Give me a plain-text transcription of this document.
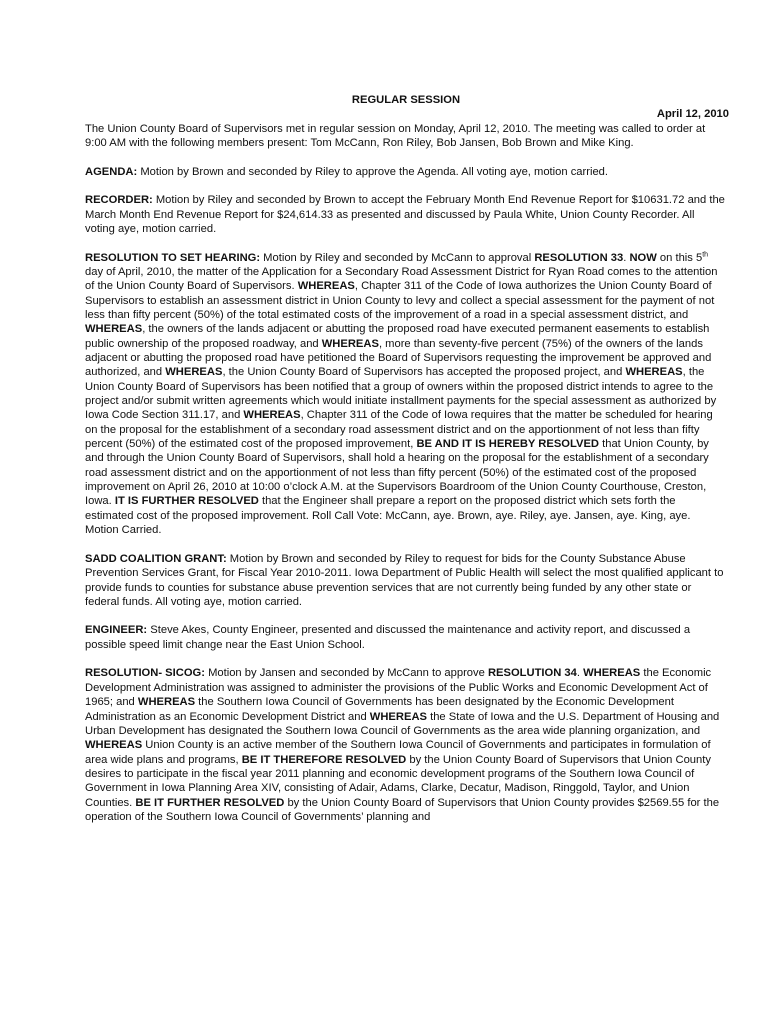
REGULAR SESSION
April 12, 2010

The Union County Board of Supervisors met in regular session on Monday, April 12, 2010. The meeting was called to order at 9:00 AM with the following members present: Tom McCann, Ron Riley, Bob Jansen, Bob Brown and Mike King.

AGENDA: Motion by Brown and seconded by Riley to approve the Agenda. All voting aye, motion carried.

RECORDER: Motion by Riley and seconded by Brown to accept the February Month End Revenue Report for $10631.72 and the March Month End Revenue Report for $24,614.33 as presented and discussed by Paula White, Union County Recorder. All voting aye, motion carried.

RESOLUTION TO SET HEARING: Motion by Riley and seconded by McCann to approval RESOLUTION 33. NOW on this 5th day of April, 2010, the matter of the Application for a Secondary Road Assessment District for Ryan Road comes to the attention of the Union County Board of Supervisors. WHEREAS, Chapter 311 of the Code of Iowa authorizes the Union County Board of Supervisors to establish an assessment district in Union County to levy and collect a special assessment for the payment of not less than fifty percent (50%) of the total estimated costs of the improvement of a road in a special assessment district, and WHEREAS, the owners of the lands adjacent or abutting the proposed road have executed permanent easements to establish public ownership of the proposed roadway, and WHEREAS, more than seventy-five percent (75%) of the owners of the lands adjacent or abutting the proposed road have petitioned the Board of Supervisors requesting the improvement be approved and authorized, and WHEREAS, the Union County Board of Supervisors has accepted the proposed project, and WHEREAS, the Union County Board of Supervisors has been notified that a group of owners within the proposed district intends to agree to the project and/or submit written agreements which would initiate installment payments for the special assessment as authorized by Iowa Code Section 311.17, and WHEREAS, Chapter 311 of the Code of Iowa requires that the matter be scheduled for hearing on the proposal for the establishment of a secondary road assessment district and on the apportionment of not less than fifty percent (50%) of the estimated cost of the proposed improvement, BE AND IT IS HEREBY RESOLVED that Union County, by and through the Union County Board of Supervisors, shall hold a hearing on the proposal for the establishment of a secondary road assessment district and on the apportionment of not less than fifty percent (50%) of the estimated cost of the proposed improvement on April 26, 2010 at 10:00 o’clock A.M. at the Supervisors Boardroom of the Union County Courthouse, Creston, Iowa. IT IS FURTHER RESOLVED that the Engineer shall prepare a report on the proposed district which sets forth the estimated cost of the proposed improvement. Roll Call Vote: McCann, aye. Brown, aye. Riley, aye. Jansen, aye. King, aye. Motion Carried.

SADD COALITION GRANT: Motion by Brown and seconded by Riley to request for bids for the County Substance Abuse Prevention Services Grant, for Fiscal Year 2010-2011. Iowa Department of Public Health will select the most qualified applicant to provide funds to counties for substance abuse prevention services that are not currently being funded by any other state or federal funds. All voting aye, motion carried.

ENGINEER: Steve Akes, County Engineer, presented and discussed the maintenance and activity report, and discussed a possible speed limit change near the East Union School.

RESOLUTION- SICOG: Motion by Jansen and seconded by McCann to approve RESOLUTION 34. WHEREAS the Economic Development Administration was assigned to administer the provisions of the Public Works and Economic Development Act of 1965; and WHEREAS the Southern Iowa Council of Governments has been designated by the Economic Development Administration as an Economic Development District and WHEREAS the State of Iowa and the U.S. Department of Housing and Urban Development has designated the Southern Iowa Council of Governments as the area wide planning organization, and WHEREAS Union County is an active member of the Southern Iowa Council of Governments and participates in formulation of area wide plans and programs, BE IT THEREFORE RESOLVED by the Union County Board of Supervisors that Union County desires to participate in the fiscal year 2011 planning and economic development programs of the Southern Iowa Council of Government in Iowa Planning Area XIV, consisting of Adair, Adams, Clarke, Decatur, Madison, Ringgold, Taylor, and Union Counties. BE IT FURTHER RESOLVED by the Union County Board of Supervisors that Union County provides $2569.55 for the operation of the Southern Iowa Council of Governments’ planning and
